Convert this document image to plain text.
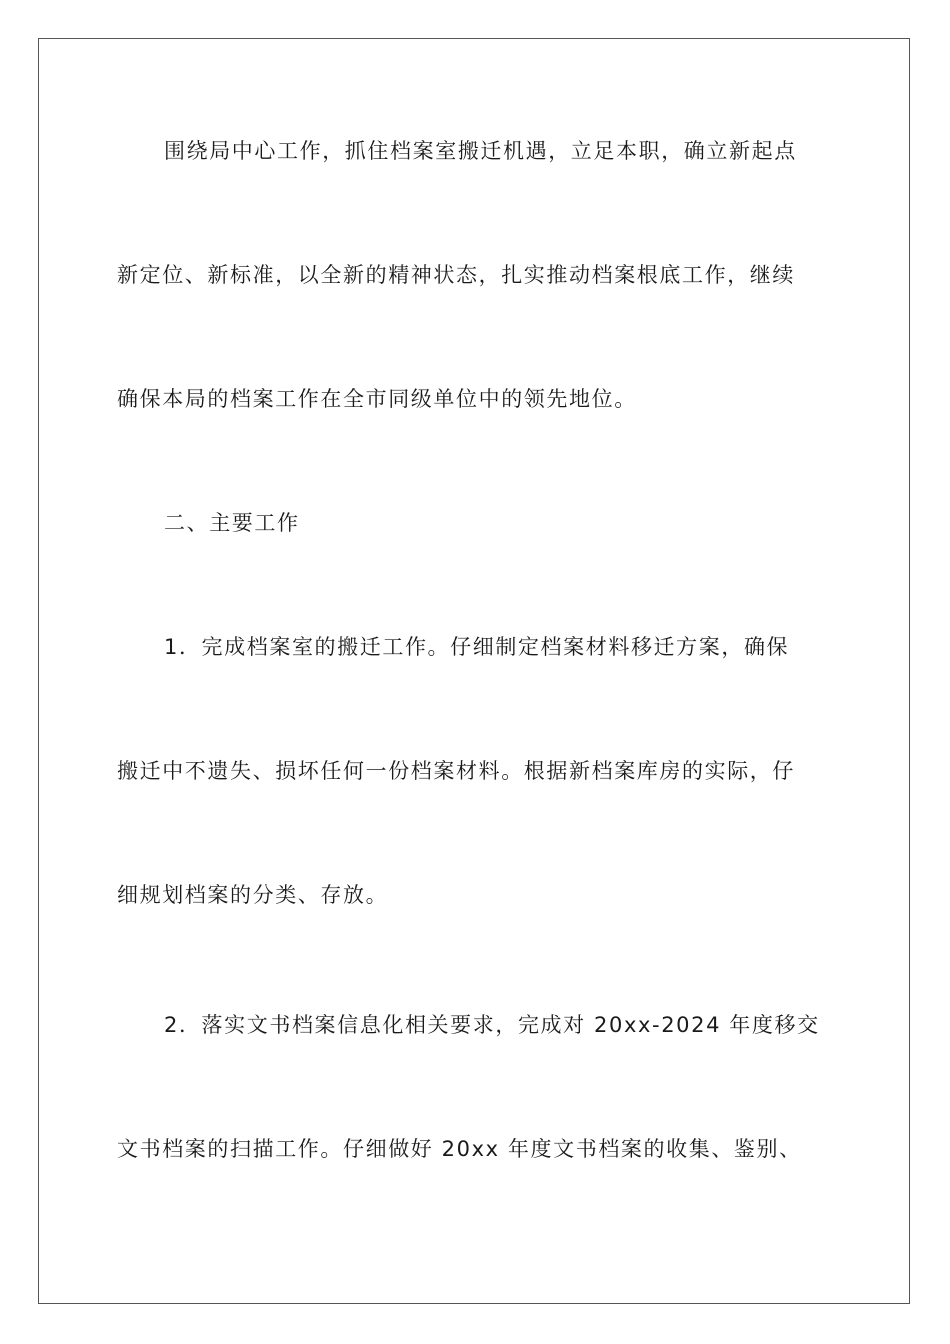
围绕局中心工作，抓住档案室搬迁机遇，立足本职，确立新起点
新定位、新标准，以全新的精神状态，扎实推动档案根底工作，继续
确保本局的档案工作在全市同级单位中的领先地位。
二、主要工作
1．完成档案室的搬迁工作。仔细制定档案材料移迁方案，确保
搬迁中不遗失、损坏任何一份档案材料。根据新档案库房的实际，仔
细规划档案的分类、存放。
2．落实文书档案信息化相关要求，完成对 20xx-2024 年度移交
文书档案的扫描工作。仔细做好 20xx 年度文书档案的收集、鉴别、
